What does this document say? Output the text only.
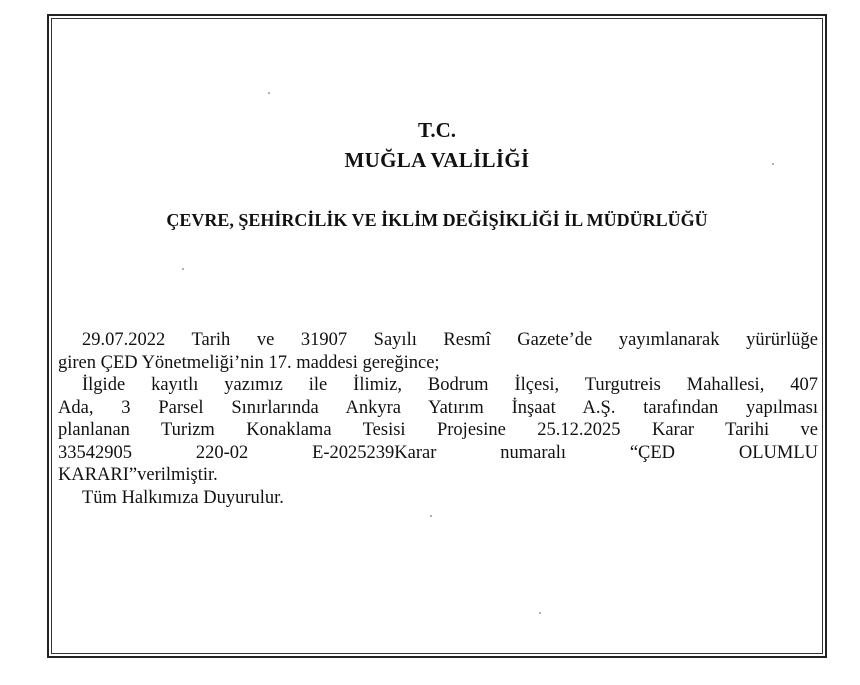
T.C.
MUĞLA VALİLİĞİ
ÇEVRE, ŞEHİRCİLİK VE İKLİM DEĞİŞİKLİĞİ İL MÜDÜRLÜĞÜ

29.07.2022 Tarih ve 31907 Sayılı Resmî Gazete’de yayımlanarak yürürlüğe
giren ÇED Yönetmeliği’nin 17. maddesi gereğince;

İlgide kayıtlı yazımız ile İlimiz, Bodrum İlçesi, Turgutreis Mahallesi, 407
Ada, 3 Parsel Sınırlarında Ankyra Yatırım İnşaat A.Ş. tarafından yapılması
planlanan Turizm Konaklama Tesisi Projesine 25.12.2025 Karar Tarihi ve
33542905 220-02 E-2025239Karar numaralı “ÇED OLUMLU
KARARI”verilmiştir.

Tüm Halkımıza Duyurulur.
